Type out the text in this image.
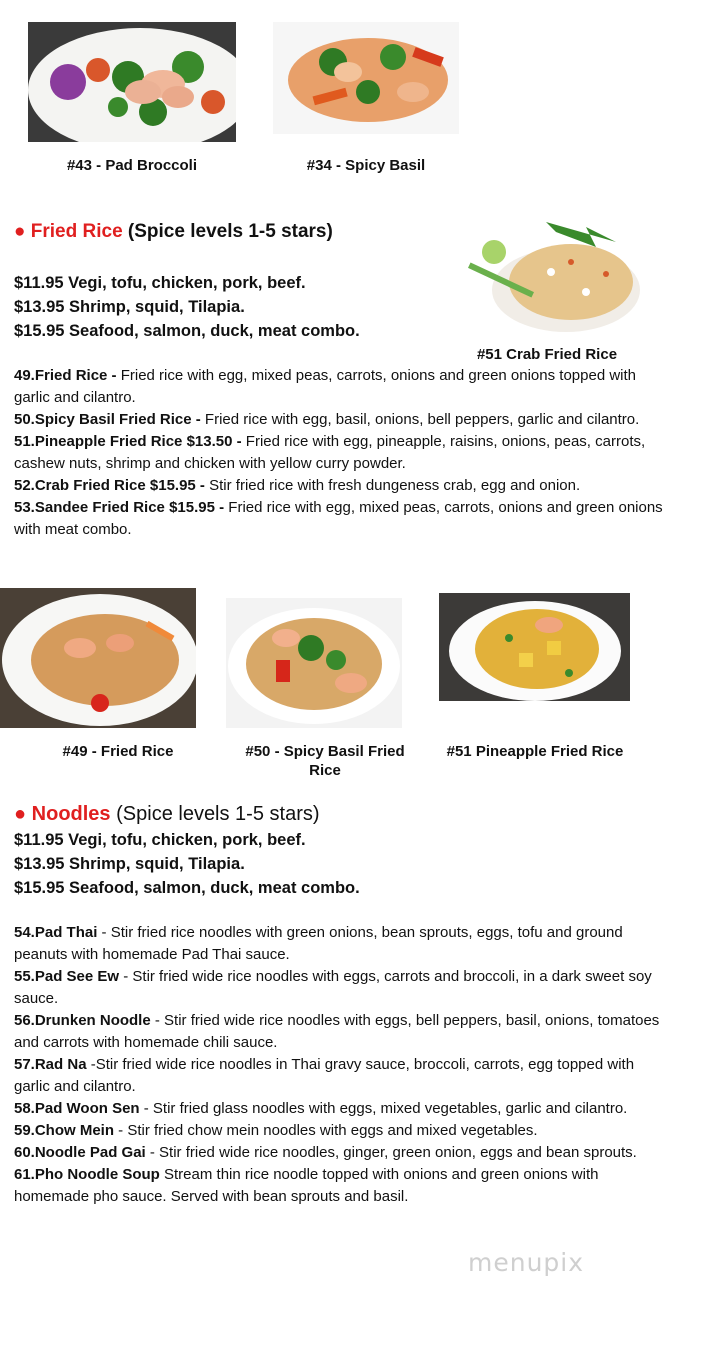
#43 - Pad Broccoli	#34 - Spicy Basil
● Fried Rice (Spice levels 1-5 stars)
$11.95 Vegi, tofu, chicken, pork, beef.
$13.95 Shrimp, squid, Tilapia.
$15.95 Seafood, salmon, duck, meat combo.
#51 Crab Fried Rice

49.Fried Rice - Fried rice with egg, mixed peas, carrots, onions and green onions topped with garlic and cilantro.

50.Spicy Basil Fried Rice - Fried rice with egg, basil, onions, bell peppers, garlic and cilantro.

51.Pineapple Fried Rice $13.50 - Fried rice with egg, pineapple, raisins, onions, peas, carrots, cashew nuts, shrimp and chicken with yellow curry powder.

52.Crab Fried Rice $15.95 - Stir fried rice with fresh dungeness crab, egg and onion.

53.Sandee Fried Rice $15.95 - Fried rice with egg, mixed peas, carrots, onions and green onions with meat combo.

#49 - Fried Rice	#50 - Spicy Basil Fried Rice
#51 Pineapple Fried Rice
● Noodles (Spice levels 1-5 stars)
$11.95 Vegi, tofu, chicken, pork, beef.
$13.95 Shrimp, squid, Tilapia.
$15.95 Seafood, salmon, duck, meat combo.

54.Pad Thai - Stir fried rice noodles with green onions, bean sprouts, eggs, tofu and ground peanuts with homemade Pad Thai sauce.

55.Pad See Ew - Stir fried wide rice noodles with eggs, carrots and broccoli, in a dark sweet soy sauce.

56.Drunken Noodle - Stir fried wide rice noodles with eggs, bell peppers, basil, onions, tomatoes and carrots with homemade chili sauce.

57.Rad Na -Stir fried wide rice noodles in Thai gravy sauce, broccoli, carrots, egg topped with garlic and cilantro.

58.Pad Woon Sen - Stir fried glass noodles with eggs, mixed vegetables, garlic and cilantro.

59.Chow Mein - Stir fried chow mein noodles with eggs and mixed vegetables.

60.Noodle Pad Gai - Stir fried wide rice noodles, ginger, green onion, eggs and bean sprouts.

61.Pho Noodle Soup Stream thin rice noodle topped with onions and green onions with homemade pho sauce. Served with bean sprouts and basil.

menupix
